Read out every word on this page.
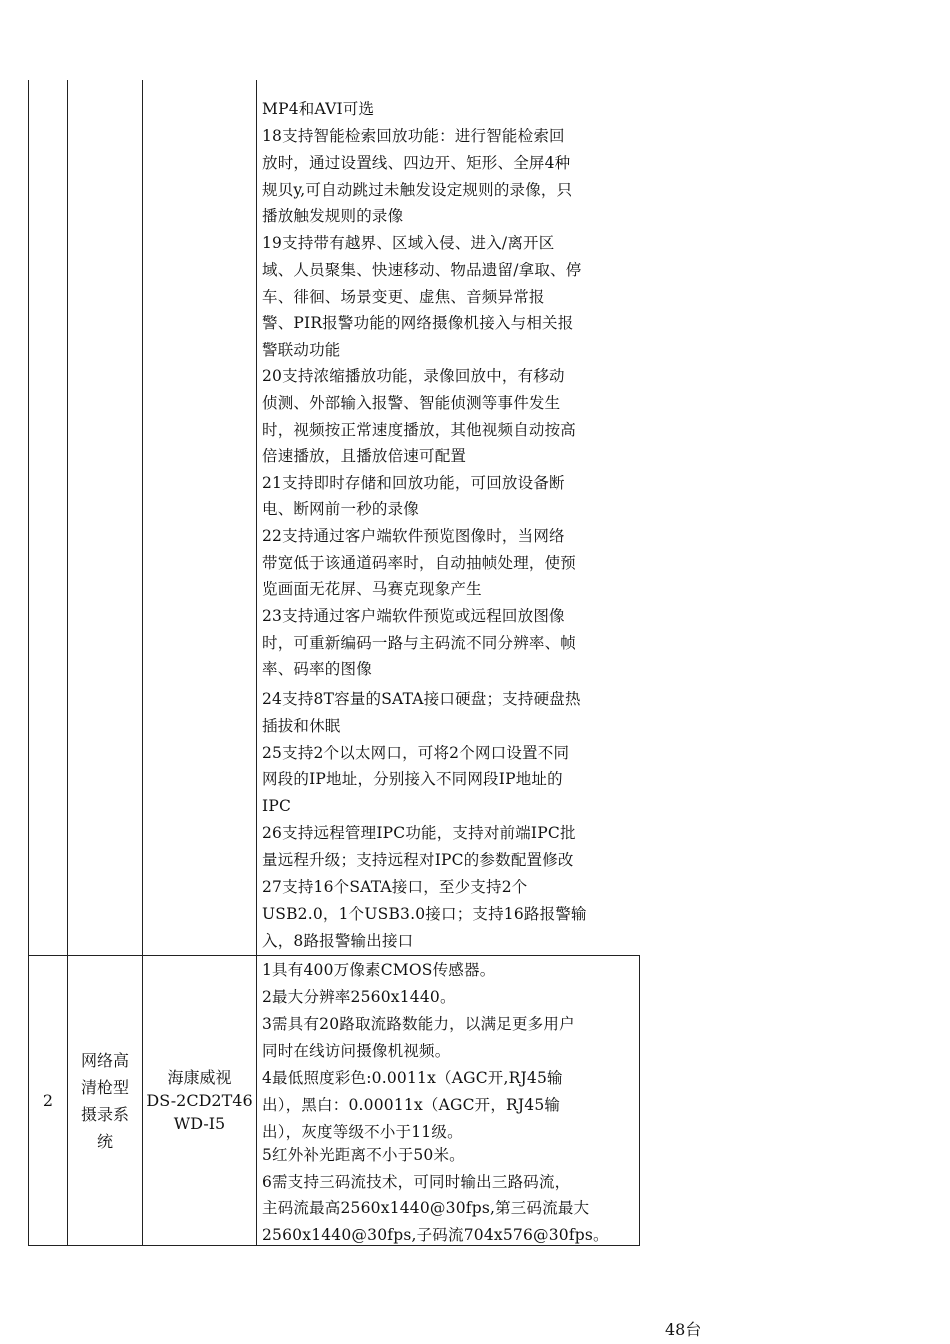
MP4和AVI可选
18支持智能检索回放功能：进行智能检索回
放时，通过设置线、四边开、矩形、全屏4种
规贝y,可自动跳过未触发设定规则的录像，只
播放触发规则的录像
19支持带有越界、区域入侵、进入/离开区
域、人员聚集、快速移动、物品遗留/拿取、停
车、徘徊、场景变更、虚焦、音频异常报
警、PIR报警功能的网络摄像机接入与相关报
警联动功能
20支持浓缩播放功能，录像回放中，有移动
侦测、外部输入报警、智能侦测等事件发生
时，视频按正常速度播放，其他视频自动按高
倍速播放，且播放倍速可配置
21支持即时存储和回放功能，可回放设备断
电、断网前一秒的录像
22支持通过客户端软件预览图像时，当网络
带宽低于该通道码率时，自动抽帧处理，使预
览画面无花屏、马赛克现象产生
23支持通过客户端软件预览或远程回放图像
时，可重新编码一路与主码流不同分辨率、帧
率、码率的图像
24支持8T容量的SATA接口硬盘；支持硬盘热
插拔和休眠
25支持2个以太网口，可将2个网口设置不同
网段的IP地址，分别接入不同网段IP地址的
IPC
26支持远程管理IPC功能，支持对前端IPC批
量远程升级；支持远程对IPC的参数配置修改
27支持16个SATA接口，至少支持2个
USB2.0，1个USB3.0接口；支持16路报警输
入，8路报警输出接口
2
网络高
清枪型
摄录系
统
海康威视
DS-2CD2T46
WD-I5
1具有400万像素CMOS传感器。
2最大分辨率2560x1440。
3需具有20路取流路数能力，以满足更多用户
同时在线访问摄像机视频。
4最低照度彩色:0.0011x（AGC开,RJ45输
出），黑白：0.00011x（AGC开，RJ45输
出），灰度等级不小于11级。
5红外补光距离不小于50米。
6需支持三码流技术，可同时输出三路码流，
主码流最高2560x1440@30fps,第三码流最大
2560x1440@30fps,子码流704x576@30fps。
48台
